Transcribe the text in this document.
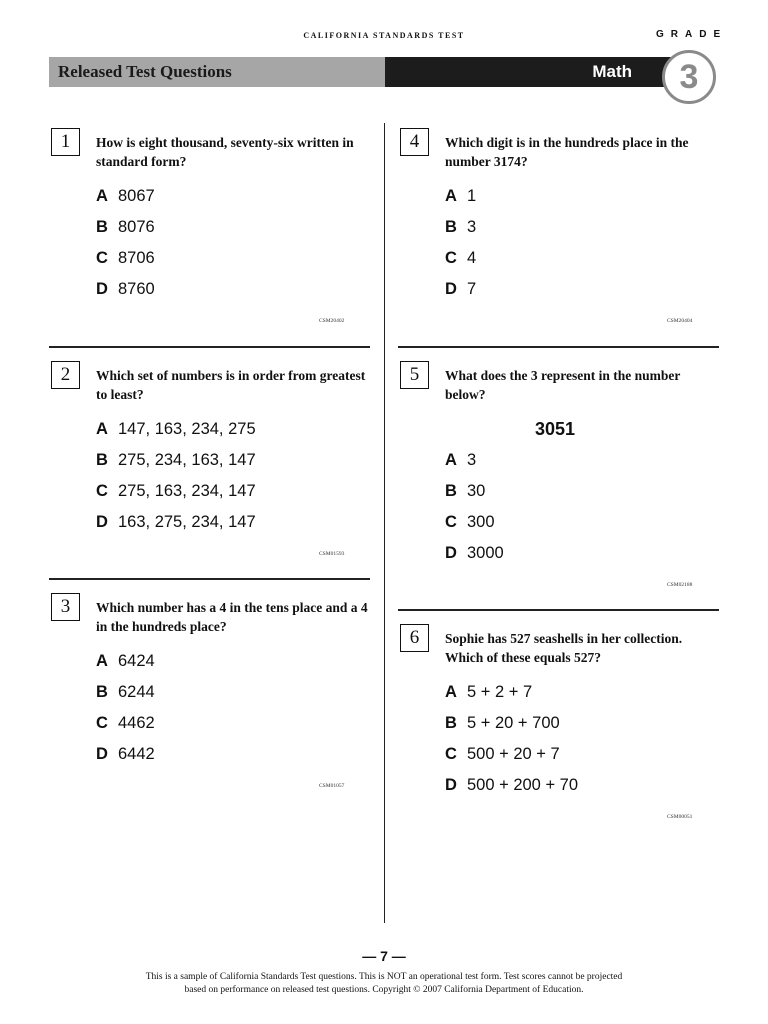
CALIFORNIA STANDARDS TEST	GRADE
Released Test Questions	Math	3
1	How is eight thousand, seventy-six written in standard form?
A 8067
B 8076
C 8706
D 8760
CSM20402
2	Which set of numbers is in order from greatest to least?
A 147, 163, 234, 275
B 275, 234, 163, 147
C 275, 163, 234, 147
D 163, 275, 234, 147
CSM01593
3	Which number has a 4 in the tens place and a 4 in the hundreds place?
A 6424
B 6244
C 4462
D 6442
CSM01057
4	Which digit is in the hundreds place in the number 3174?
A 1
B 3
C 4
D 7
CSM20404
5	What does the 3 represent in the number below?
3051
A 3
B 30
C 300
D 3000
CSM02188
6	Sophie has 527 seashells in her collection. Which of these equals 527?
A 5 + 2 + 7
B 5 + 20 + 700
C 500 + 20 + 7
D 500 + 200 + 70
CSM00051
— 7 —
This is a sample of California Standards Test questions. This is NOT an operational test form. Test scores cannot be projected
based on performance on released test questions. Copyright © 2007 California Department of Education.
